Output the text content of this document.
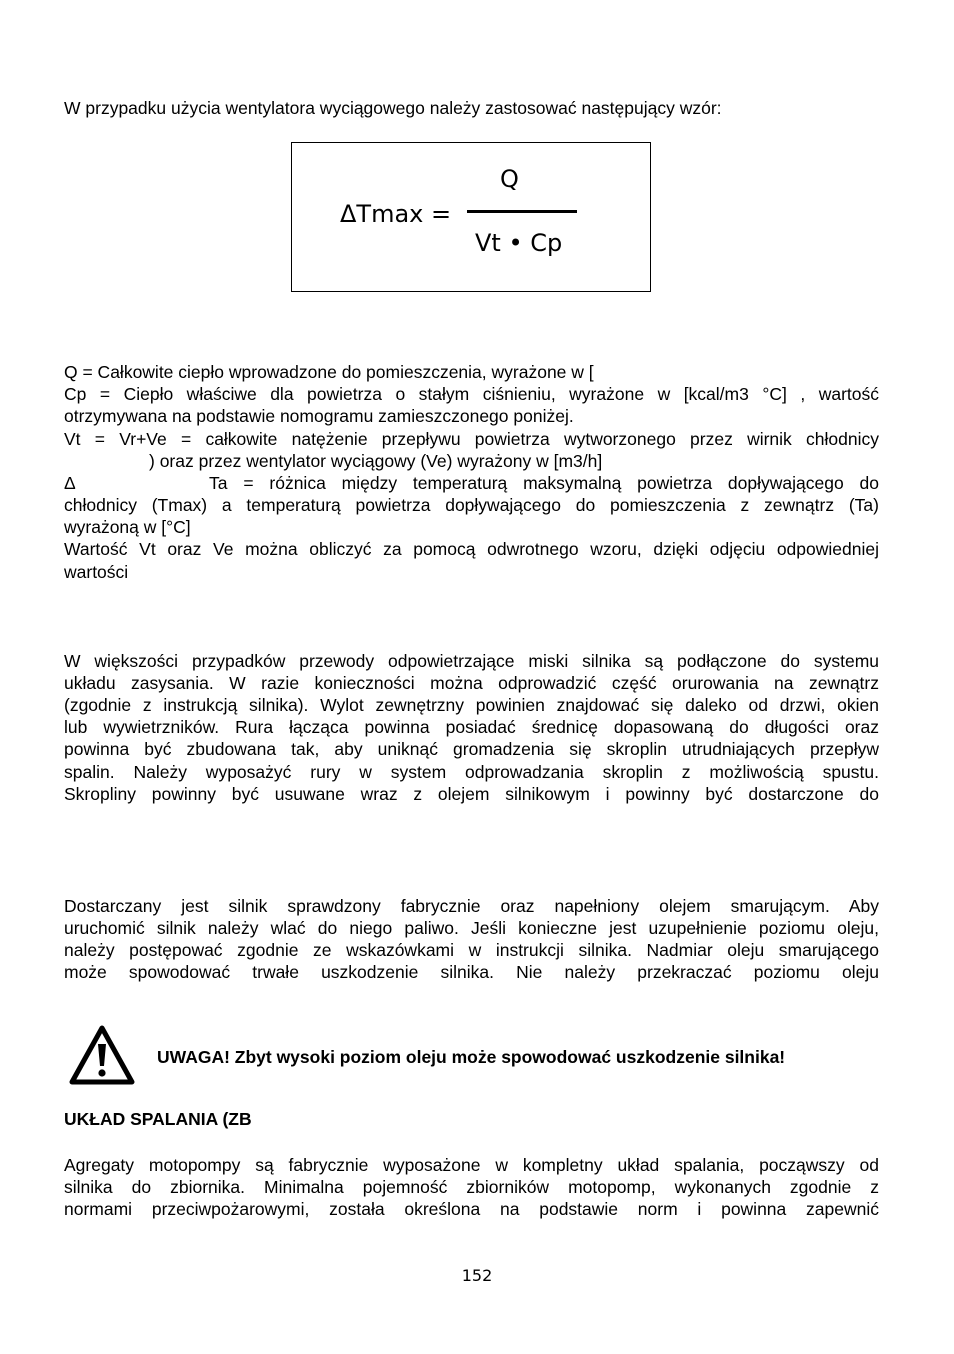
W przypadku użycia wentylatora wyciągowego należy zastosować następujący wzór:
ΔTmax =
Q
Vt • Cp
Q = Całkowite ciepło wprowadzone do pomieszczenia, wyrażone w [
Cp = Ciepło właściwe dla powietrza o stałym ciśnieniu, wyrażone w [kcal/m3 °C] , wartość
otrzymywana na podstawie nomogramu zamieszczonego poniżej.
Vt = Vr+Ve = całkowite natężenie przepływu powietrza wytworzonego przez wirnik chłodnicy
) oraz przez wentylator wyciągowy (Ve) wyrażony w [m3/h]
Δ	Ta = różnica między temperaturą maksymalną powietrza dopływającego do
chłodnicy (Tmax) a temperaturą powietrza dopływającego do pomieszczenia z zewnątrz (Ta)
wyrażoną w [°C]
Wartość Vt oraz Ve można obliczyć za pomocą odwrotnego wzoru, dzięki odjęciu odpowiedniej
wartości
W większości przypadków przewody odpowietrzające miski silnika są podłączone do systemu
układu zasysania. W razie konieczności można odprowadzić część orurowania na zewnątrz
(zgodnie z instrukcją silnika). Wylot zewnętrzny powinien znajdować się daleko od drzwi, okien
lub wywietrzników. Rura łącząca powinna posiadać średnicę dopasowaną do długości oraz
powinna być zbudowana tak, aby uniknąć gromadzenia się skroplin utrudniających przepływ
spalin. Należy wyposażyć rury w system odprowadzania skroplin z możliwością spustu.
Skropliny powinny być usuwane wraz z olejem silnikowym i powinny być dostarczone do
Dostarczany jest silnik sprawdzony fabrycznie oraz napełniony olejem smarującym. Aby
uruchomić silnik należy wlać do niego paliwo. Jeśli konieczne jest uzupełnienie poziomu oleju,
należy postępować zgodnie ze wskazówkami w instrukcji silnika. Nadmiar oleju smarującego
może spowodować trwałe uszkodzenie silnika. Nie należy przekraczać poziomu oleju
UWAGA! Zbyt wysoki poziom oleju może spowodować uszkodzenie silnika!
UKŁAD SPALANIA (ZB
Agregaty motopompy są fabrycznie wyposażone w kompletny układ spalania, począwszy od
silnika do zbiornika. Minimalna pojemność zbiorników motopomp, wykonanych zgodnie z
normami przeciwpożarowymi, została określona na podstawie norm i powinna zapewnić
152
